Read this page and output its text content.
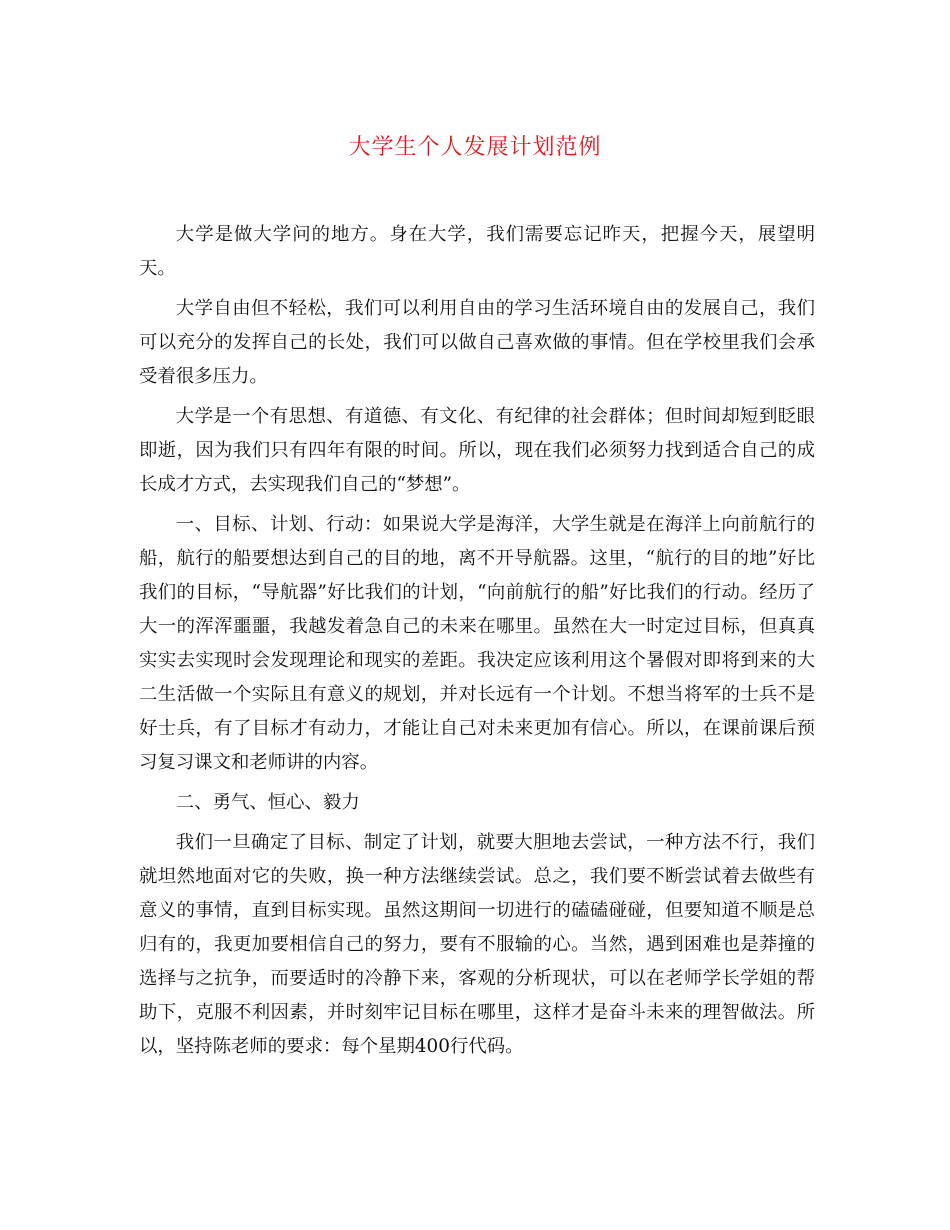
大学生个人发展计划范例

大学是做大学问的地方。身在大学，我们需要忘记昨天，把握今天，展望明天。

大学自由但不轻松，我们可以利用自由的学习生活环境自由的发展自己，我们可以充分的发挥自己的长处，我们可以做自己喜欢做的事情。但在学校里我们会承受着很多压力。

大学是一个有思想、有道德、有文化、有纪律的社会群体；但时间却短到眨眼即逝，因为我们只有四年有限的时间。所以，现在我们必须努力找到适合自己的成长成才方式，去实现我们自己的“梦想”。

一、目标、计划、行动：如果说大学是海洋，大学生就是在海洋上向前航行的船，航行的船要想达到自己的目的地，离不开导航器。这里，“航行的目的地”好比我们的目标，“导航器”好比我们的计划，“向前航行的船”好比我们的行动。经历了大一的浑浑噩噩，我越发着急自己的未来在哪里。虽然在大一时定过目标，但真真实实去实现时会发现理论和现实的差距。我决定应该利用这个暑假对即将到来的大二生活做一个实际且有意义的规划，并对长远有一个计划。不想当将军的士兵不是好士兵，有了目标才有动力，才能让自己对未来更加有信心。所以，在课前课后预习复习课文和老师讲的内容。

二、勇气、恒心、毅力

我们一旦确定了目标、制定了计划，就要大胆地去尝试，一种方法不行，我们就坦然地面对它的失败，换一种方法继续尝试。总之，我们要不断尝试着去做些有意义的事情，直到目标实现。虽然这期间一切进行的磕磕碰碰，但要知道不顺是总归有的，我更加要相信自己的努力，要有不服输的心。当然，遇到困难也是莽撞的选择与之抗争，而要适时的冷静下来，客观的分析现状，可以在老师学长学姐的帮助下，克服不利因素，并时刻牢记目标在哪里，这样才是奋斗未来的理智做法。所以，坚持陈老师的要求：每个星期400行代码。
